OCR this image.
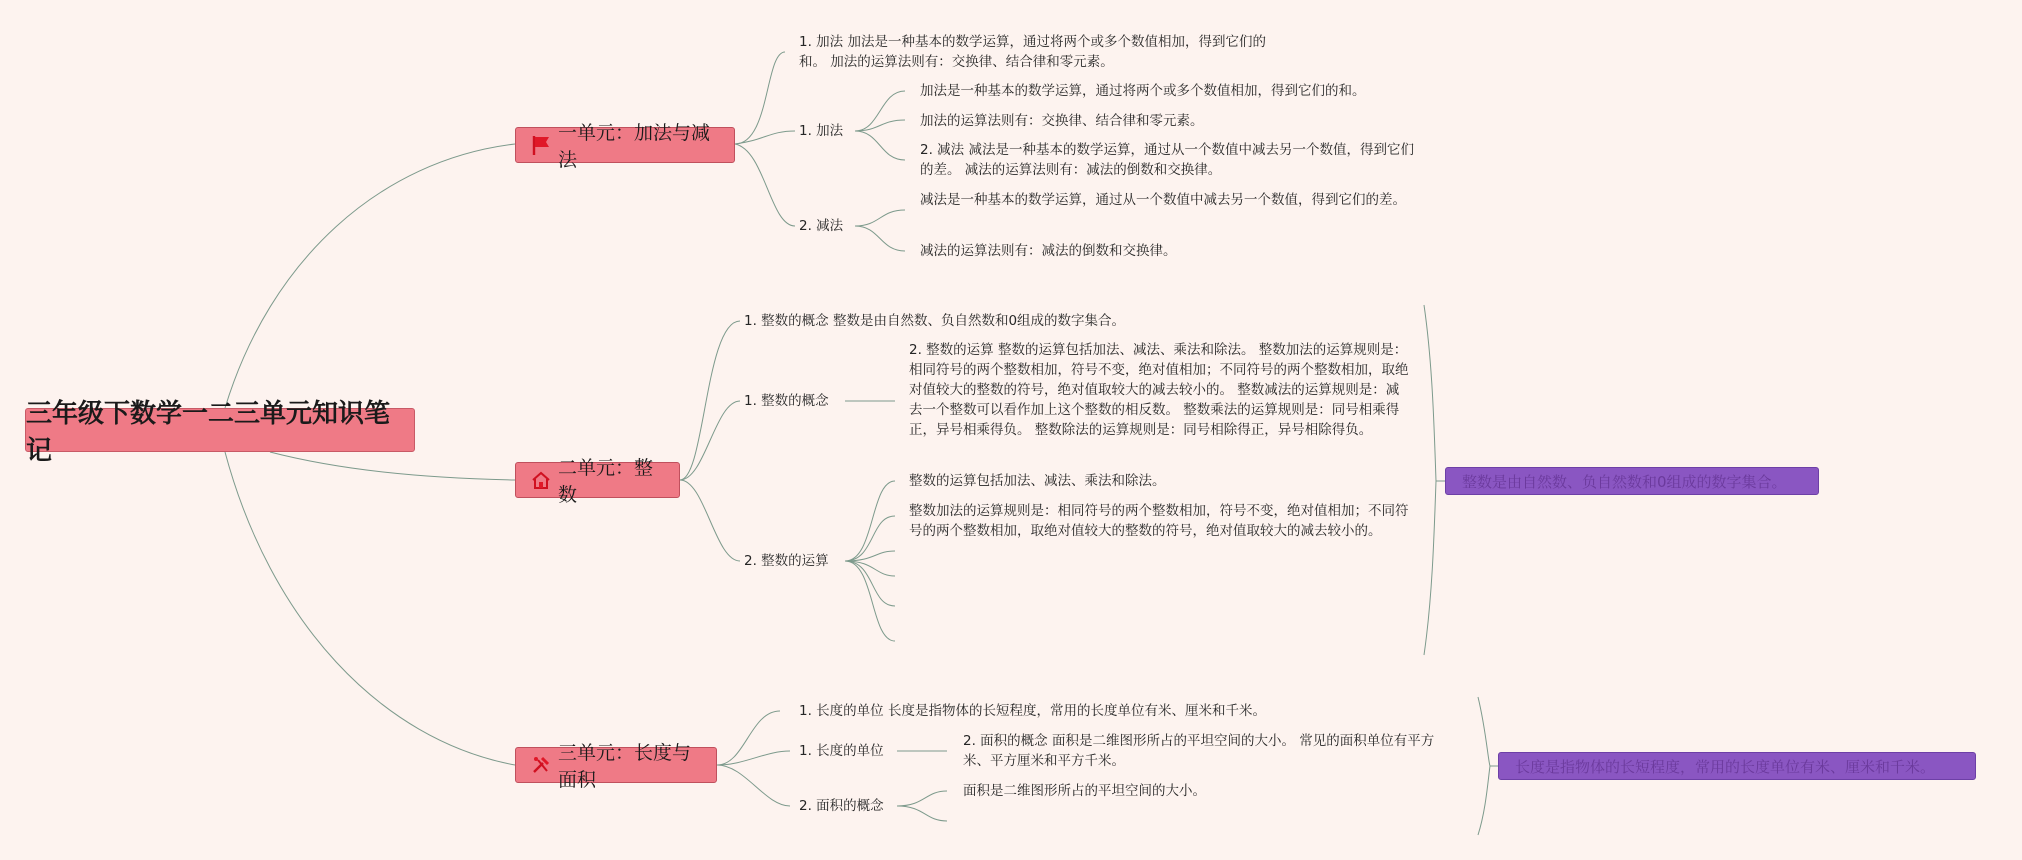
三年级下数学一二三单元知识笔记
一单元：加法与减法
1. 加法 加法是一种基本的数学运算，通过将两个或多个数值相加，得到它们的和。 加法的运算法则有：交换律、结合律和零元素。
1. 加法
加法是一种基本的数学运算，通过将两个或多个数值相加，得到它们的和。
加法的运算法则有：交换律、结合律和零元素。
2. 减法 减法是一种基本的数学运算，通过从一个数值中减去另一个数值，得到它们的差。 减法的运算法则有：减法的倒数和交换律。
2. 减法
减法是一种基本的数学运算，通过从一个数值中减去另一个数值，得到它们的差。
减法的运算法则有：减法的倒数和交换律。
二单元：整数
1. 整数的概念 整数是由自然数、负自然数和0组成的数字集合。
1. 整数的概念
2. 整数的运算 整数的运算包括加法、减法、乘法和除法。 整数加法的运算规则是：相同符号的两个整数相加，符号不变，绝对值相加；不同符号的两个整数相加，取绝对值较大的整数的符号，绝对值取较大的减去较小的。 整数减法的运算规则是：减去一个整数可以看作加上这个整数的相反数。 整数乘法的运算规则是：同号相乘得正，异号相乘得负。 整数除法的运算规则是：同号相除得正，异号相除得负。
2. 整数的运算
整数的运算包括加法、减法、乘法和除法。
整数加法的运算规则是：相同符号的两个整数相加，符号不变，绝对值相加；不同符号的两个整数相加，取绝对值较大的整数的符号，绝对值取较大的减去较小的。
整数是由自然数、负自然数和0组成的数字集合。
三单元：长度与面积
1. 长度的单位 长度是指物体的长短程度，常用的长度单位有米、厘米和千米。
1. 长度的单位
2. 面积的概念 面积是二维图形所占的平坦空间的大小。 常见的面积单位有平方米、平方厘米和平方千米。
2. 面积的概念
面积是二维图形所占的平坦空间的大小。
长度是指物体的长短程度，常用的长度单位有米、厘米和千米。
